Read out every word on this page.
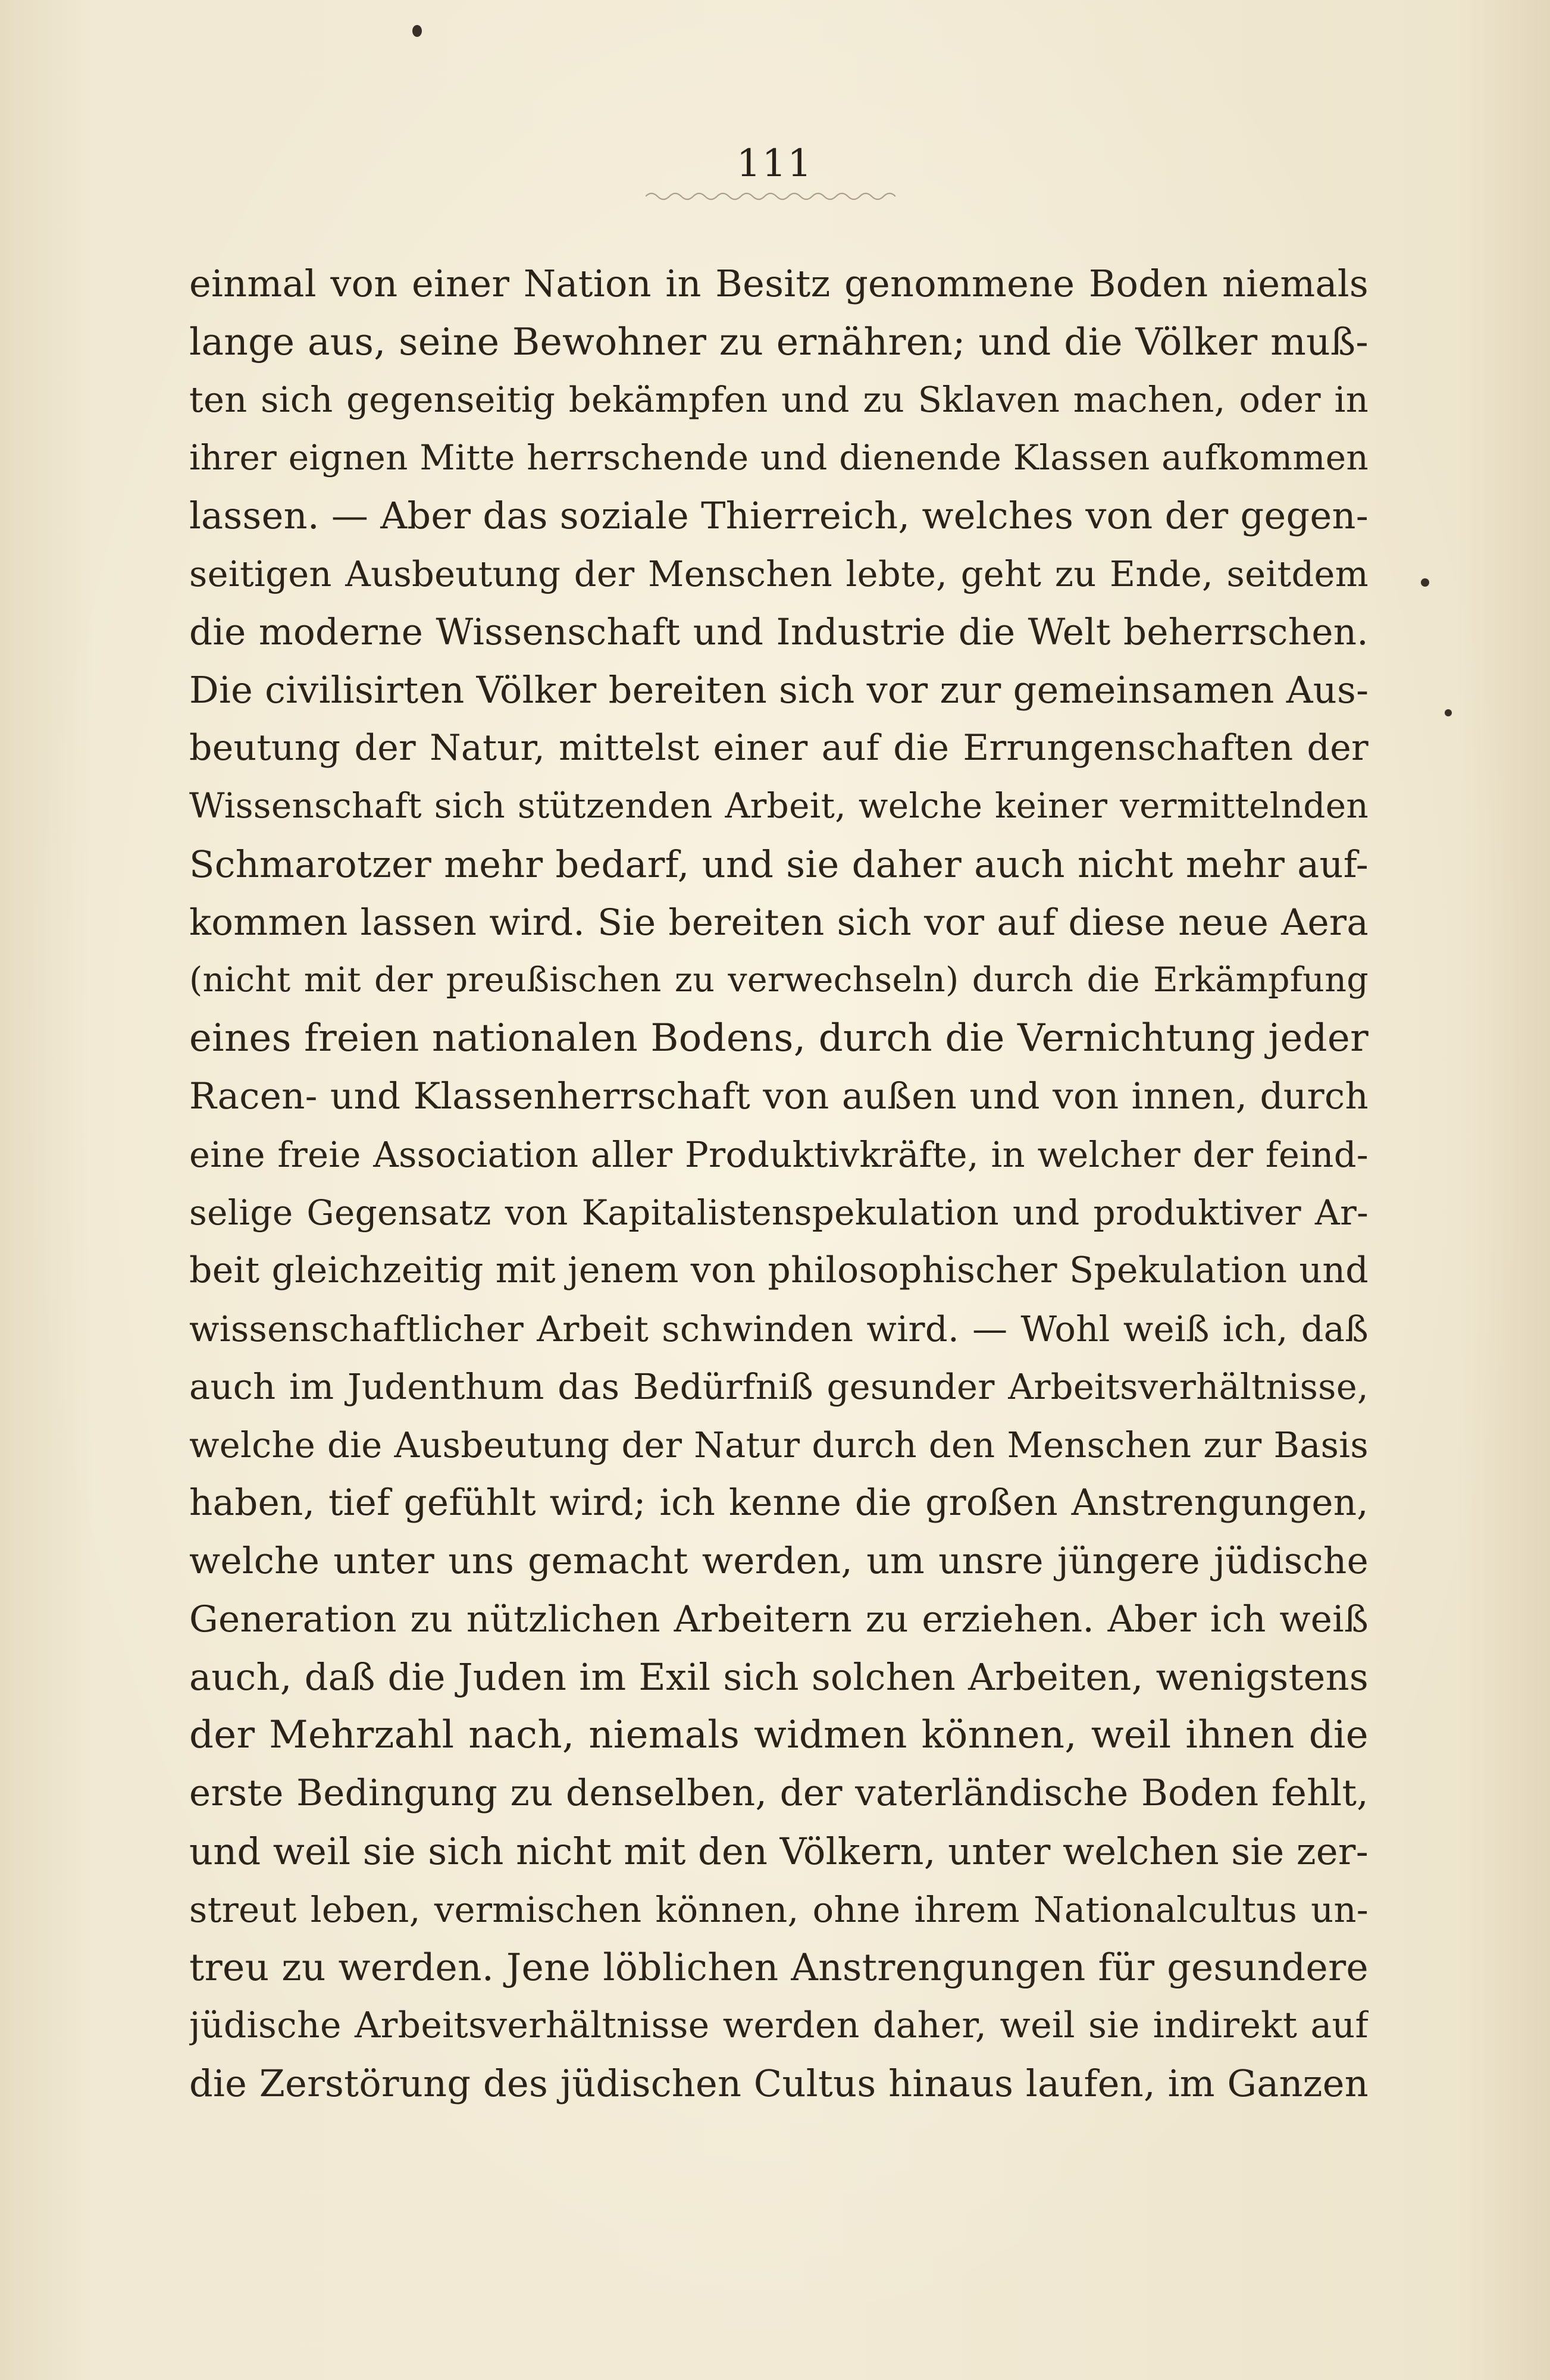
111
einmal von einer Nation in Besitz genommene Boden niemals
lange aus, seine Bewohner zu ernähren; und die Völker muß-
ten sich gegenseitig bekämpfen und zu Sklaven machen, oder in
ihrer eignen Mitte herrschende und dienende Klassen aufkommen
lassen. — Aber das soziale Thierreich, welches von der gegen-
seitigen Ausbeutung der Menschen lebte, geht zu Ende, seitdem
die moderne Wissenschaft und Industrie die Welt beherrschen.
Die civilisirten Völker bereiten sich vor zur gemeinsamen Aus-
beutung der Natur, mittelst einer auf die Errungenschaften der
Wissenschaft sich stützenden Arbeit, welche keiner vermittelnden
Schmarotzer mehr bedarf, und sie daher auch nicht mehr auf-
kommen lassen wird. Sie bereiten sich vor auf diese neue Aera
(nicht mit der preußischen zu verwechseln) durch die Erkämpfung
eines freien nationalen Bodens, durch die Vernichtung jeder
Racen- und Klassenherrschaft von außen und von innen, durch
eine freie Association aller Produktivkräfte, in welcher der feind-
selige Gegensatz von Kapitalistenspekulation und produktiver Ar-
beit gleichzeitig mit jenem von philosophischer Spekulation und
wissenschaftlicher Arbeit schwinden wird. — Wohl weiß ich, daß
auch im Judenthum das Bedürfniß gesunder Arbeitsverhältnisse,
welche die Ausbeutung der Natur durch den Menschen zur Basis
haben, tief gefühlt wird; ich kenne die großen Anstrengungen,
welche unter uns gemacht werden, um unsre jüngere jüdische
Generation zu nützlichen Arbeitern zu erziehen. Aber ich weiß
auch, daß die Juden im Exil sich solchen Arbeiten, wenigstens
der Mehrzahl nach, niemals widmen können, weil ihnen die
erste Bedingung zu denselben, der vaterländische Boden fehlt,
und weil sie sich nicht mit den Völkern, unter welchen sie zer-
streut leben, vermischen können, ohne ihrem Nationalcultus un-
treu zu werden. Jene löblichen Anstrengungen für gesundere
jüdische Arbeitsverhältnisse werden daher, weil sie indirekt auf
die Zerstörung des jüdischen Cultus hinaus laufen, im Ganzen
